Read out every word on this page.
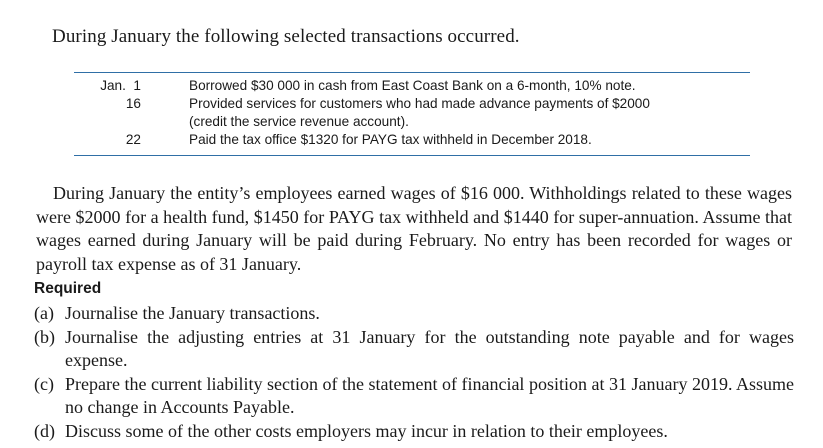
During January the following selected transactions occurred.
Jan.  1	Borrowed $30 000 in cash from East Coast Bank on a 6-month, 10% note.
16	Provided services for customers who had made advance payments of $2000
(credit the service revenue account).
22	Paid the tax office $1320 for PAYG tax withheld in December 2018.

During January the entity’s employees earned wages of $16 000. Withholdings related to these wages were $2000 for a health fund, $1450 for PAYG tax withheld and $1440 for super-annuation. Assume that wages earned during January will be paid during February. No entry has been recorded for wages or payroll tax expense as of 31 January.

Required
(a) Journalise the January transactions.
(b) Journalise the adjusting entries at 31 January for the outstanding note payable and for wages expense.
(c) Prepare the current liability section of the statement of financial position at 31 January 2019. Assume no change in Accounts Payable.
(d) Discuss some of the other costs employers may incur in relation to their employees.
